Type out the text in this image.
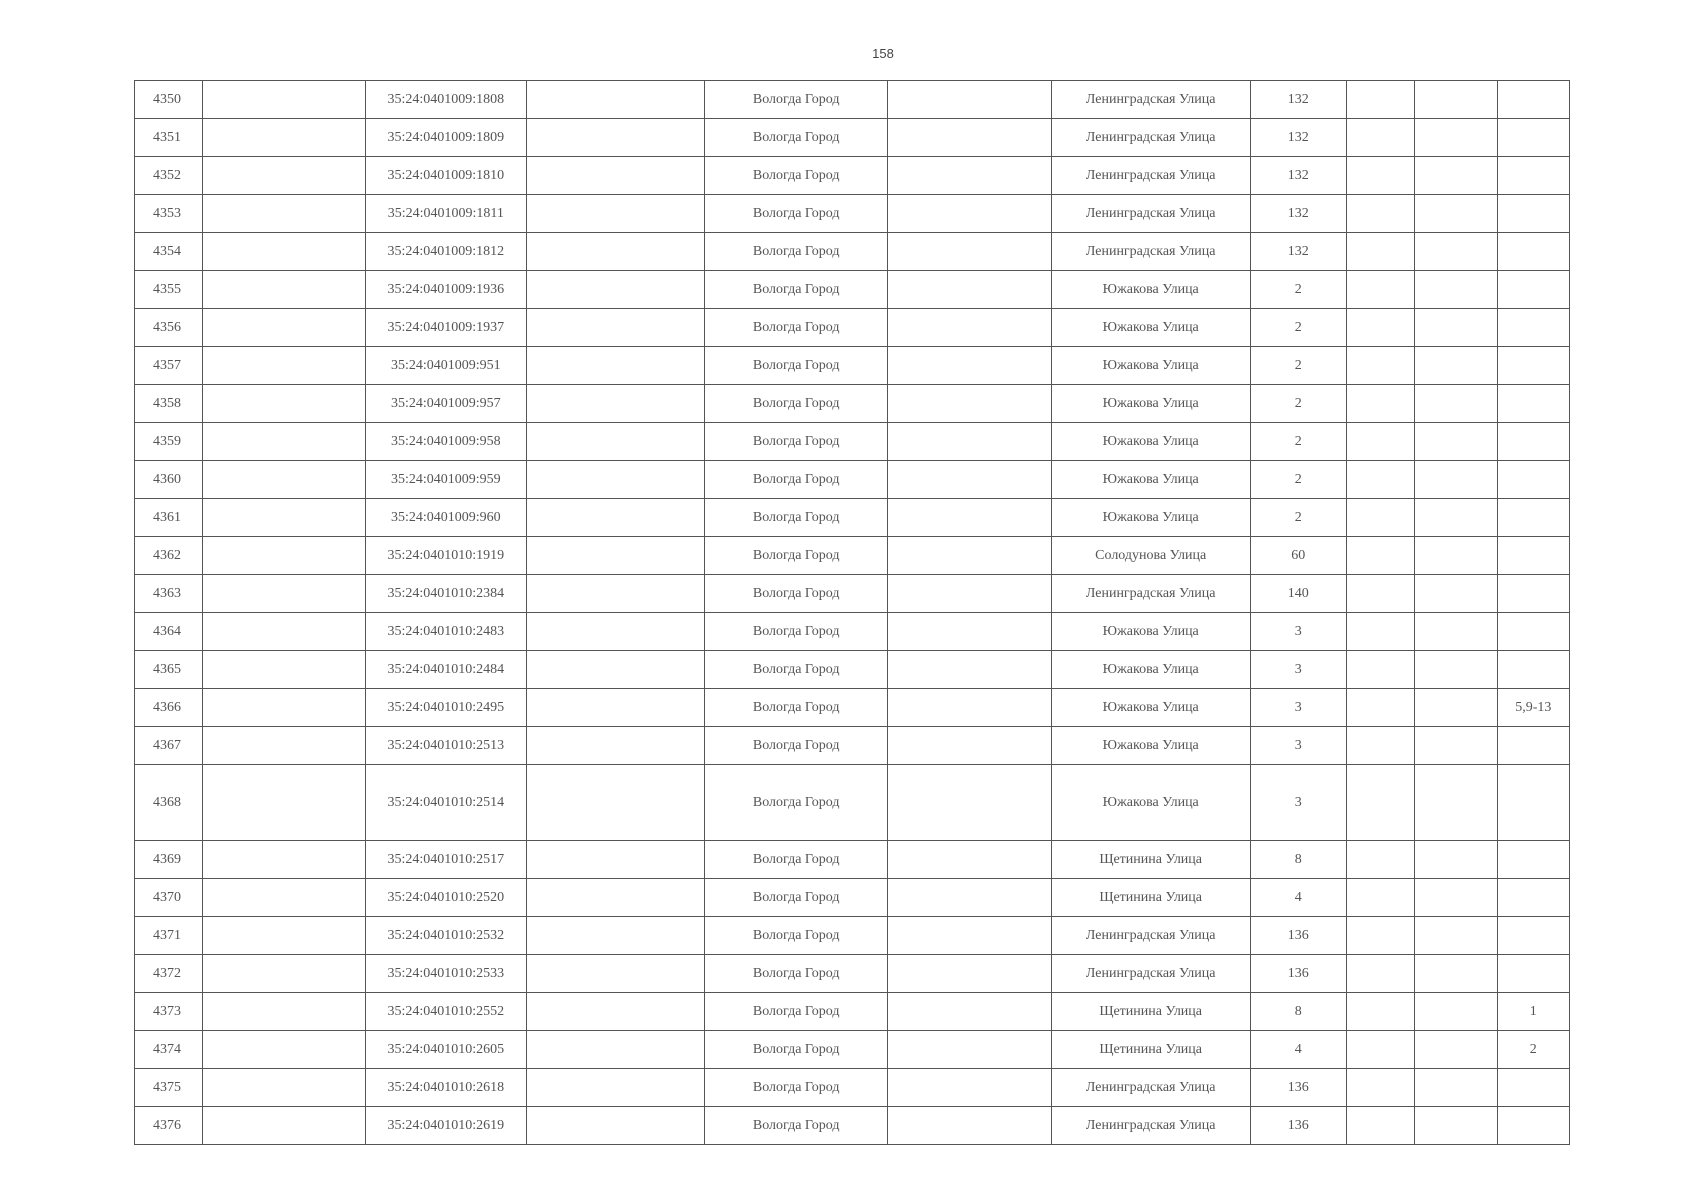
158
4350		35:24:0401009:1808		Вологда Город		Ленинградская Улица	132			
4351		35:24:0401009:1809		Вологда Город		Ленинградская Улица	132			
4352		35:24:0401009:1810		Вологда Город		Ленинградская Улица	132			
4353		35:24:0401009:1811		Вологда Город		Ленинградская Улица	132			
4354		35:24:0401009:1812		Вологда Город		Ленинградская Улица	132			
4355		35:24:0401009:1936		Вологда Город		Южакова Улица	2			
4356		35:24:0401009:1937		Вологда Город		Южакова Улица	2			
4357		35:24:0401009:951		Вологда Город		Южакова Улица	2			
4358		35:24:0401009:957		Вологда Город		Южакова Улица	2			
4359		35:24:0401009:958		Вологда Город		Южакова Улица	2			
4360		35:24:0401009:959		Вологда Город		Южакова Улица	2			
4361		35:24:0401009:960		Вологда Город		Южакова Улица	2			
4362		35:24:0401010:1919		Вологда Город		Солодунова Улица	60			
4363		35:24:0401010:2384		Вологда Город		Ленинградская Улица	140			
4364		35:24:0401010:2483		Вологда Город		Южакова Улица	3			
4365		35:24:0401010:2484		Вологда Город		Южакова Улица	3			
4366		35:24:0401010:2495		Вологда Город		Южакова Улица	3			5,9-13
4367		35:24:0401010:2513		Вологда Город		Южакова Улица	3			
4368		35:24:0401010:2514		Вологда Город		Южакова Улица	3			
4369		35:24:0401010:2517		Вологда Город		Щетинина Улица	8			
4370		35:24:0401010:2520		Вологда Город		Щетинина Улица	4			
4371		35:24:0401010:2532		Вологда Город		Ленинградская Улица	136			
4372		35:24:0401010:2533		Вологда Город		Ленинградская Улица	136			
4373		35:24:0401010:2552		Вологда Город		Щетинина Улица	8			1
4374		35:24:0401010:2605		Вологда Город		Щетинина Улица	4			2
4375		35:24:0401010:2618		Вологда Город		Ленинградская Улица	136			
4376		35:24:0401010:2619		Вологда Город		Ленинградская Улица	136			
